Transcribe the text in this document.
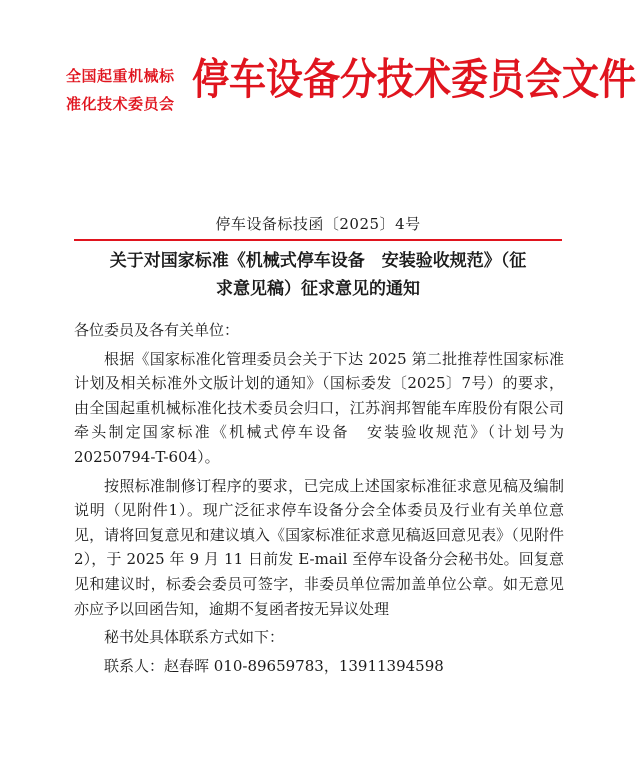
全国起重机械标
准化技术委员会 停车设备分技术委员会文件
停车设备标技函〔2025〕4号
关于对国家标准《机械式停车设备　安装验收规范》（征
求意见稿）征求意见的通知

各位委员及各有关单位：

根据《国家标准化管理委员会关于下达 2025 第二批推荐性国家标准计划及相关标准外文版计划的通知》（国标委发〔2025〕7号）的要求，由全国起重机械标准化技术委员会归口，江苏润邦智能车库股份有限公司牵头制定国家标准《机械式停车设备　安装验收规范》（计划号为 20250794-T-604）。

按照标准制修订程序的要求，已完成上述国家标准征求意见稿及编制说明（见附件1）。现广泛征求停车设备分会全体委员及行业有关单位意见，请将回复意见和建议填入《国家标准征求意见稿返回意见表》（见附件2），于 2025 年 9 月 11 日前发 E-mail 至停车设备分会秘书处。回复意见和建议时，标委会委员可签字，非委员单位需加盖单位公章。如无意见亦应予以回函告知，逾期不复函者按无异议处理

秘书处具体联系方式如下：

联系人：赵春晖 010-89659783，13911394598
